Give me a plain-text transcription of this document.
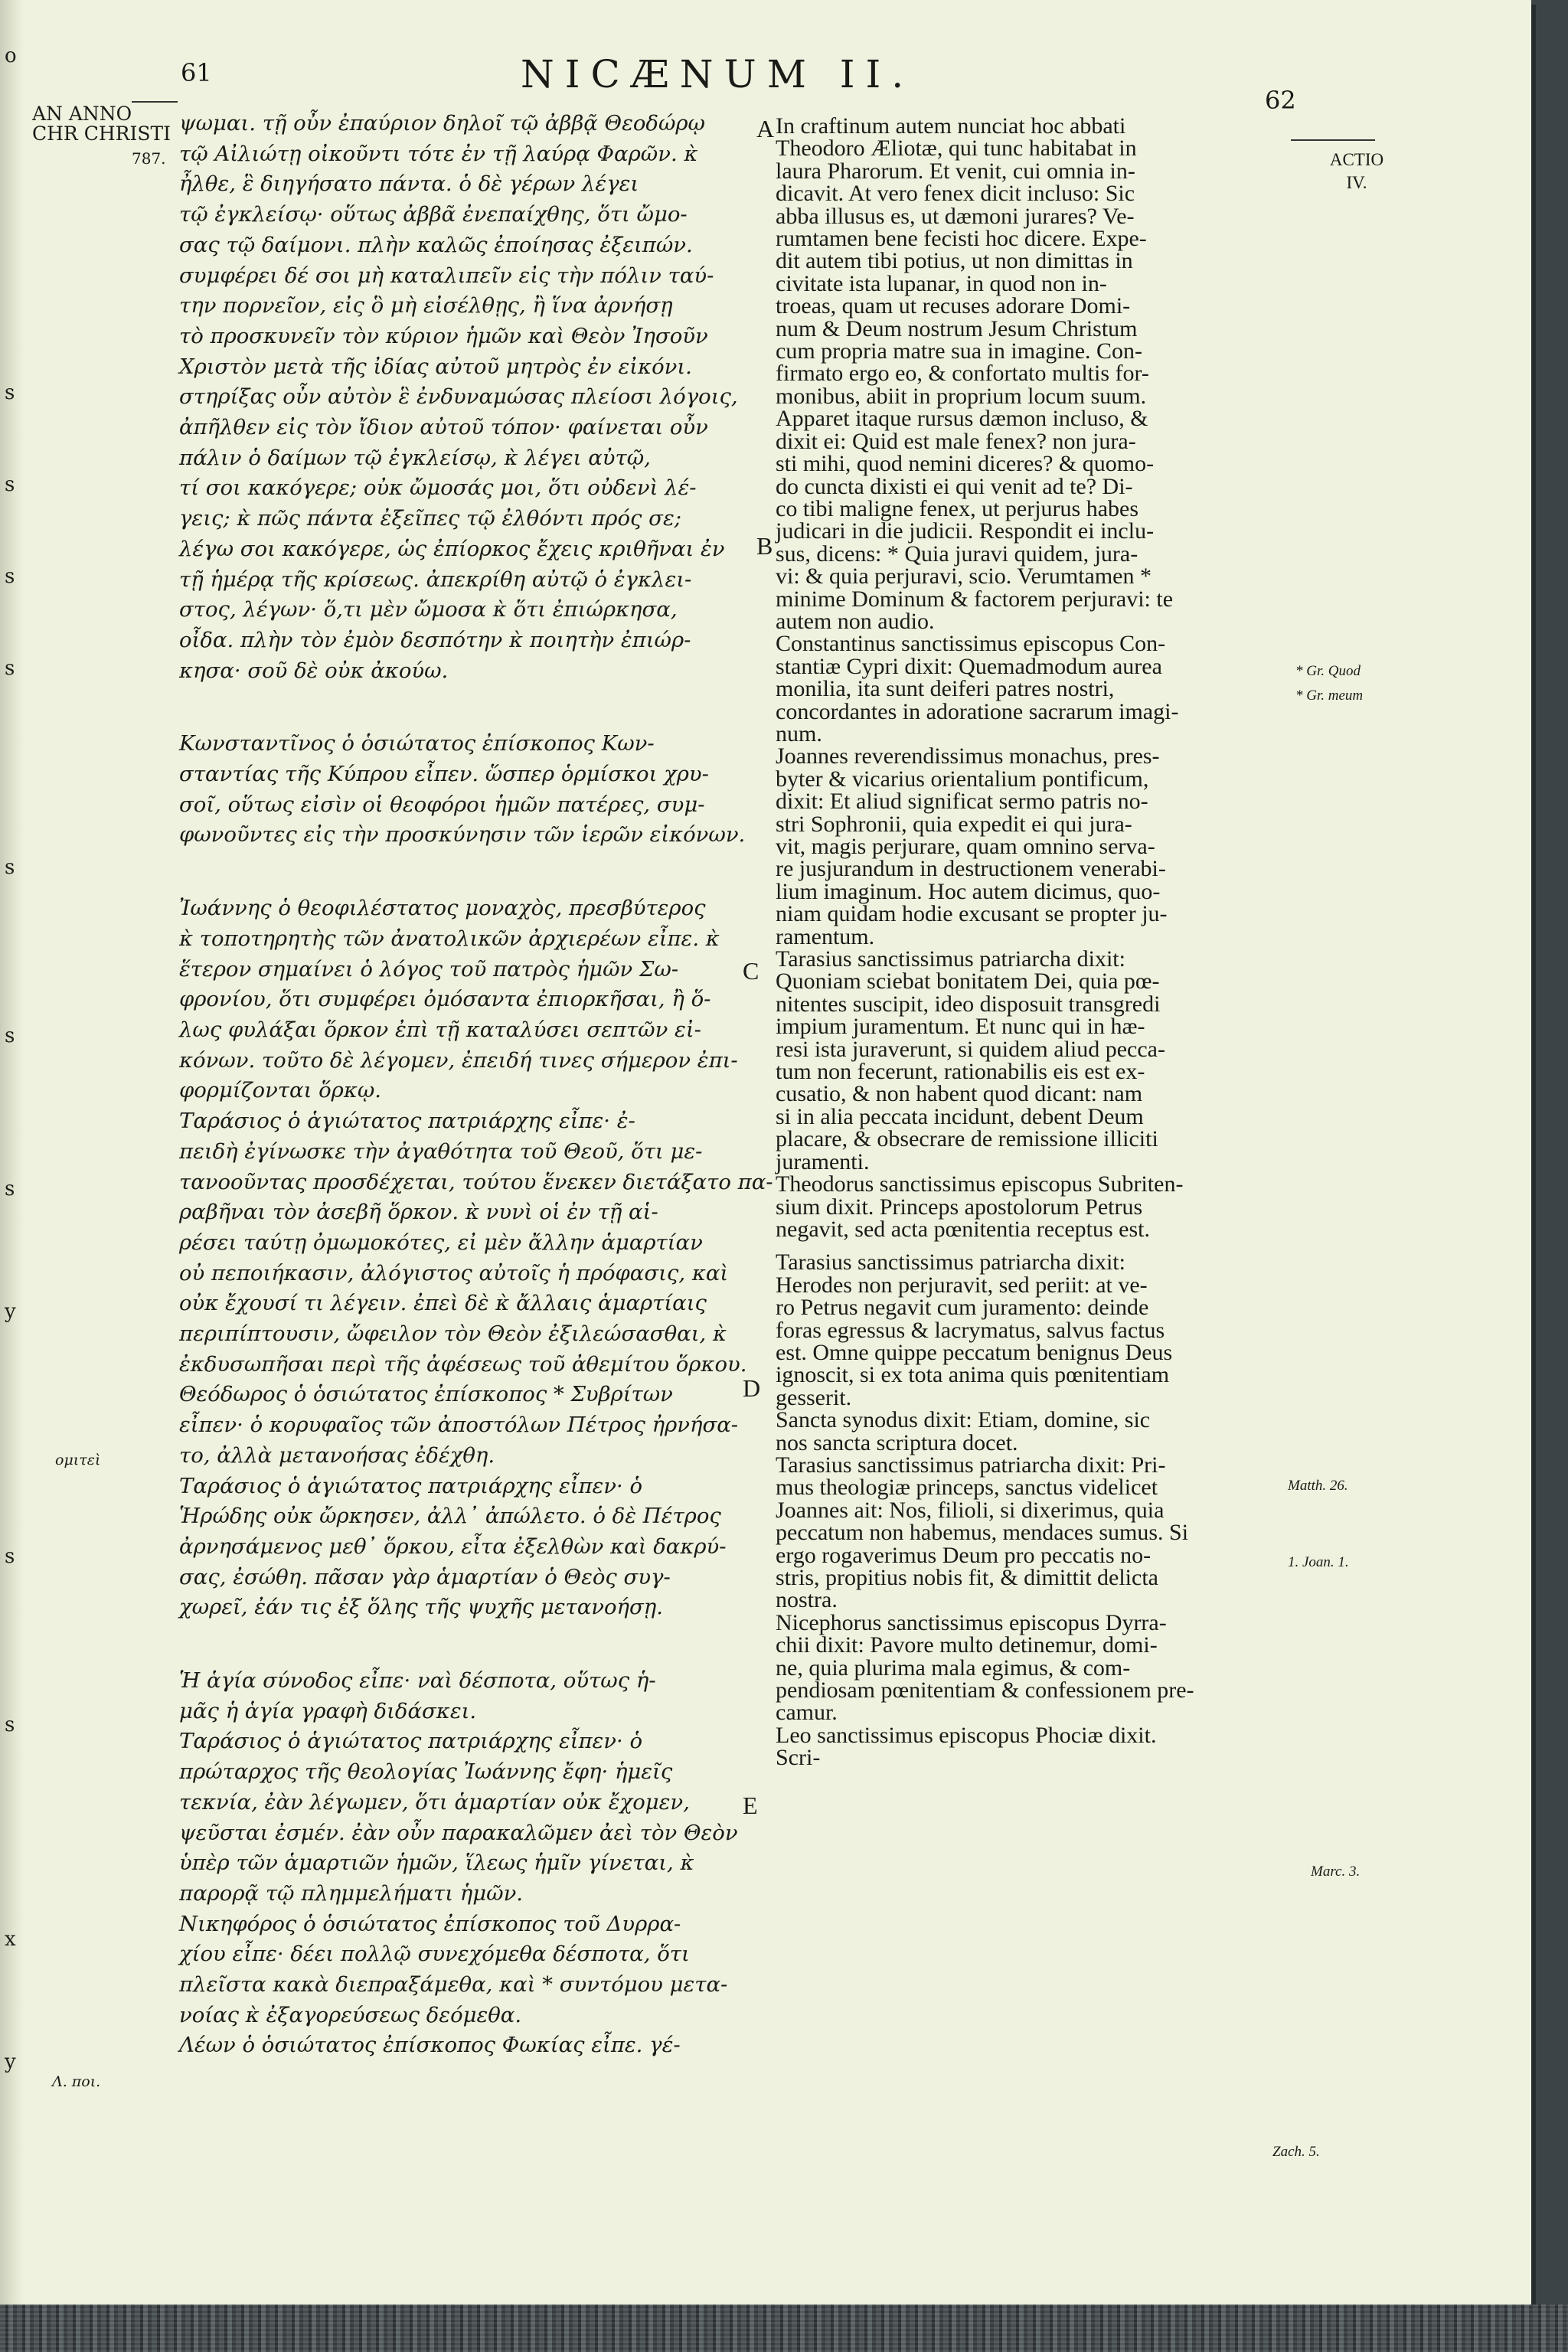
o
s
s
s
s
s
s
s
y
s
s
x
y
61	NICÆNUM II.
62
AN ANNO
CHR CHRISTI
787.
ομιτεὶ
Λ. ποι.

ψωμαι. τῇ οὖν ἐπαύριον δηλοῖ τῷ ἀββᾷ Θεοδώρῳ

τῷ Αἰλιώτῃ οἰκοῦντι τότε ἐν τῇ λαύρᾳ Φαρῶν. κ̀

ἦλθε, ἓ διηγήσατο πάντα. ὁ δὲ γέρων λέγει

τῷ ἐγκλείσῳ· οὕτως ἀββᾶ ἐνεπαίχθης, ὅτι ὤμο-

σας τῷ δαίμονι. πλὴν καλῶς ἐποίησας ἐξειπών.

συμφέρει δέ σοι μὴ καταλιπεῖν εἰς τὴν πόλιν ταύ-

την πορνεῖον, εἰς ὃ μὴ εἰσέλθῃς, ἢ ἵνα ἀρνήσῃ

τὸ προσκυνεῖν τὸν κύριον ἡμῶν καὶ Θεὸν Ἰησοῦν

Χριστὸν μετὰ τῆς ἰδίας αὐτοῦ μητρὸς ἐν εἰκόνι.

στηρίξας οὖν αὐτὸν ἓ ἐνδυναμώσας πλείοσι λόγοις,

ἀπῆλθεν εἰς τὸν ἴδιον αὐτοῦ τόπον· φαίνεται οὖν

πάλιν ὁ δαίμων τῷ ἐγκλείσῳ, κ̀ λέγει αὐτῷ,

τί σοι κακόγερε; οὐκ ὤμοσάς μοι, ὅτι οὐδενὶ λέ-

γεις; κ̀ πῶς πάντα ἐξεῖπες τῷ ἐλθόντι πρός σε;

λέγω σοι κακόγερε, ὡς ἐπίορκος ἔχεις κριθῆναι ἐν

τῇ ἡμέρᾳ τῆς κρίσεως. ἀπεκρίθη αὐτῷ ὁ ἐγκλει-

στος, λέγων· ὅ,τι μὲν ὤμοσα κ̀ ὅτι ἐπιώρκησα,

οἶδα. πλὴν τὸν ἐμὸν δεσπότην κ̀ ποιητὴν ἐπιώρ-

κησα· σοῦ δὲ οὐκ ἀκούω.

Κωνσταντῖνος ὁ ὁσιώτατος ἐπίσκοπος Κων-

σταντίας τῆς Κύπρου εἶπεν. ὥσπερ ὁρμίσκοι χρυ-

σοῖ, οὕτως εἰσὶν οἱ θεοφόροι ἡμῶν πατέρες, συμ-

φωνοῦντες εἰς τὴν προσκύνησιν τῶν ἱερῶν εἰκόνων.

Ἰωάννης ὁ θεοφιλέστατος μοναχὸς, πρεσβύτερος

κ̀ τοποτηρητὴς τῶν ἀνατολικῶν ἀρχιερέων εἶπε. κ̀

ἕτερον σημαίνει ὁ λόγος τοῦ πατρὸς ἡμῶν Σω-

φρονίου, ὅτι συμφέρει ὀμόσαντα ἐπιορκῆσαι, ἢ ὅ-

λως φυλάξαι ὅρκον ἐπὶ τῇ καταλύσει σεπτῶν εἰ-

κόνων. τοῦτο δὲ λέγομεν, ἐπειδή τινες σήμερον ἐπι-

φορμίζονται ὅρκῳ.

Ταράσιος ὁ ἁγιώτατος πατριάρχης εἶπε· ἐ-

πειδὴ ἐγίνωσκε τὴν ἀγαθότητα τοῦ Θεοῦ, ὅτι με-

τανοοῦντας προσδέχεται, τούτου ἕνεκεν διετάξατο πα-

ραβῆναι τὸν ἀσεβῆ ὅρκον. κ̀ νυνὶ οἱ ἐν τῇ αἱ-

ρέσει ταύτῃ ὀμωμοκότες, εἰ μὲν ἄλλην ἁμαρτίαν

οὐ πεποιήκασιν, ἀλόγιστος αὐτοῖς ἡ πρόφασις, καὶ

οὐκ ἔχουσί τι λέγειν. ἐπεὶ δὲ κ̀ ἄλλαις ἁμαρτίαις

περιπίπτουσιν, ὤφειλον τὸν Θεὸν ἐξιλεώσασθαι, κ̀

ἐκδυσωπῆσαι περὶ τῆς ἀφέσεως τοῦ ἀθεμίτου ὅρκου.

Θεόδωρος ὁ ὁσιώτατος ἐπίσκοπος * Συβρίτων

εἶπεν· ὁ κορυφαῖος τῶν ἀποστόλων Πέτρος ἠρνήσα-

το, ἀλλὰ μετανοήσας ἐδέχθη.

Ταράσιος ὁ ἁγιώτατος πατριάρχης εἶπεν· ὁ

Ἡρώδης οὐκ ὤρκησεν, ἀλλ᾽ ἀπώλετο. ὁ δὲ Πέτρος

ἀρνησάμενος μεθ᾽ ὅρκου, εἶτα ἐξελθὼν καὶ δακρύ-

σας, ἐσώθη. πᾶσαν γὰρ ἁμαρτίαν ὁ Θεὸς συγ-

χωρεῖ, ἐάν τις ἐξ ὅλης τῆς ψυχῆς μετανοήσῃ.

Ἡ ἁγία σύνοδος εἶπε· ναὶ δέσποτα, οὕτως ἡ-

μᾶς ἡ ἁγία γραφὴ διδάσκει.

Ταράσιος ὁ ἁγιώτατος πατριάρχης εἶπεν· ὁ

πρώταρχος τῆς θεολογίας Ἰωάννης ἔφη· ἡμεῖς

τεκνία, ἐὰν λέγωμεν, ὅτι ἁμαρτίαν οὐκ ἔχομεν,

ψεῦσται ἐσμέν. ἐὰν οὖν παρακαλῶμεν ἀεὶ τὸν Θεὸν

ὑπὲρ τῶν ἁμαρτιῶν ἡμῶν, ἵλεως ἡμῖν γίνεται, κ̀

παρορᾷ τῷ πλημμελήματι ἡμῶν.

Νικηφόρος ὁ ὁσιώτατος ἐπίσκοπος τοῦ Δυρρα-

χίου εἶπε· δέει πολλῷ συνεχόμεθα δέσποτα, ὅτι

πλεῖστα κακὰ διεπραξάμεθα, καὶ * συντόμου μετα-

νοίας κ̀ ἐξαγορεύσεως δεόμεθα.

Λέων ὁ ὁσιώτατος ἐπίσκοπος Φωκίας εἶπε. γέ-

In craftinum autem nunciat hoc abbati

Theodoro Æliotæ, qui tunc habitabat in

laura Pharorum. Et venit, cui omnia in-

dicavit. At vero fenex dicit incluso: Sic

abba illusus es, ut dæmoni jurares? Ve-

rumtamen bene fecisti hoc dicere. Expe-

dit autem tibi potius, ut non dimittas in

civitate ista lupanar, in quod non in-

troeas, quam ut recuses adorare Domi-

num & Deum nostrum Jesum Christum

cum propria matre sua in imagine. Con-

firmato ergo eo, & confortato multis for-

monibus, abiit in proprium locum suum.

Apparet itaque rursus dæmon incluso, &

dixit ei: Quid est male fenex? non jura-

sti mihi, quod nemini diceres? & quomo-

do cuncta dixisti ei qui venit ad te? Di-

co tibi maligne fenex, ut perjurus habes

judicari in die judicii. Respondit ei inclu-

sus, dicens: * Quia juravi quidem, jura-

vi: & quia perjuravi, scio. Verumtamen *

minime Dominum & factorem perjuravi: te

autem non audio.

Constantinus sanctissimus episcopus Con-

stantiæ Cypri dixit: Quemadmodum aurea

monilia, ita sunt deiferi patres nostri,

concordantes in adoratione sacrarum imagi-

num.

Joannes reverendissimus monachus, pres-

byter & vicarius orientalium pontificum,

dixit: Et aliud significat sermo patris no-

stri Sophronii, quia expedit ei qui jura-

vit, magis perjurare, quam omnino serva-

re jusjurandum in destructionem venerabi-

lium imaginum. Hoc autem dicimus, quo-

niam quidam hodie excusant se propter ju-

ramentum.

Tarasius sanctissimus patriarcha dixit:

Quoniam sciebat bonitatem Dei, quia pœ-

nitentes suscipit, ideo disposuit transgredi

impium juramentum. Et nunc qui in hæ-

resi ista juraverunt, si quidem aliud pecca-

tum non fecerunt, rationabilis eis est ex-

cusatio, & non habent quod dicant: nam

si in alia peccata incidunt, debent Deum

placare, & obsecrare de remissione illiciti

juramenti.

Theodorus sanctissimus episcopus Subriten-

sium dixit. Princeps apostolorum Petrus

negavit, sed acta pœnitentia receptus est.

Tarasius sanctissimus patriarcha dixit:

Herodes non perjuravit, sed periit: at ve-

ro Petrus negavit cum juramento: deinde

foras egressus & lacrymatus, salvus factus

est. Omne quippe peccatum benignus Deus

ignoscit, si ex tota anima quis pœnitentiam

gesserit.

Sancta synodus dixit: Etiam, domine, sic

nos sancta scriptura docet.

Tarasius sanctissimus patriarcha dixit: Pri-

mus theologiæ princeps, sanctus videlicet

Joannes ait: Nos, filioli, si dixerimus, quia

peccatum non habemus, mendaces sumus. Si

ergo rogaverimus Deum pro peccatis no-

stris, propitius nobis fit, & dimittit delicta

nostra.

Nicephorus sanctissimus episcopus Dyrra-

chii dixit: Pavore multo detinemur, domi-

ne, quia plurima mala egimus, & com-

pendiosam pœnitentiam & confessionem pre-

camur.

Leo sanctissimus episcopus Phociæ dixit.

Scri-

A
B
C
D
E
ACTIO
IV.
* Gr. Quod
* Gr. meum
Matth. 26.
1. Joan. 1.
Marc. 3.
Zach. 5.
